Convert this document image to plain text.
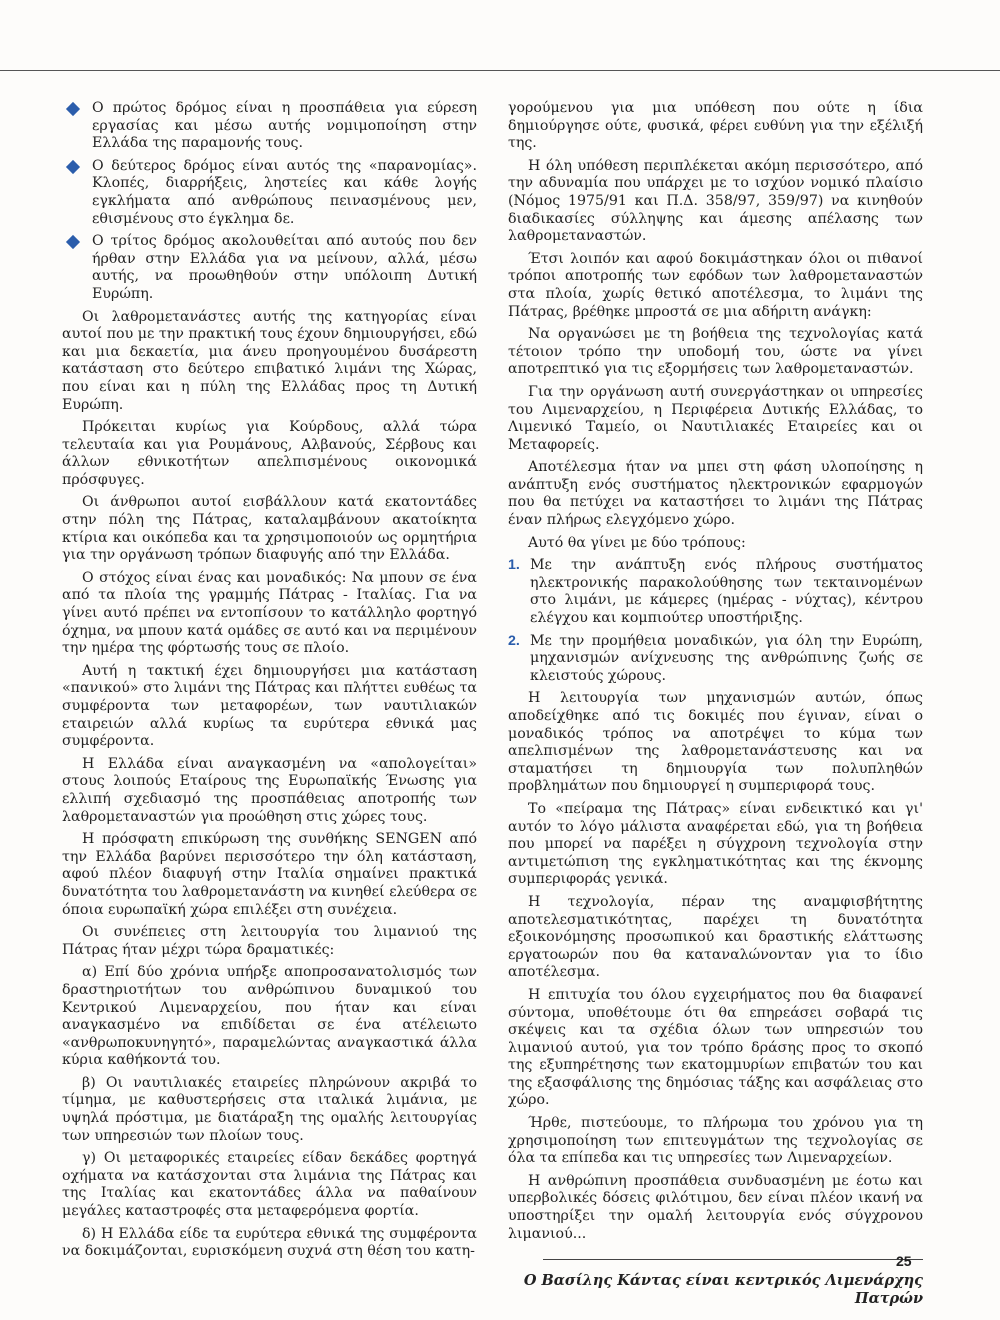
Ο πρώτος δρόμος είναι η προσπάθεια για εύρεση εργασίας και μέσω αυτής νομιμοποίηση στην Ελλάδα της παραμονής τους.
Ο δεύτερος δρόμος είναι αυτός της «παρανομίας». Κλοπές, διαρρήξεις, ληστείες και κάθε λογής εγκλήματα από ανθρώπους πεινασμένους μεν, εθισμένους στο έγκλημα δε.
Ο τρίτος δρόμος ακολουθείται από αυτούς που δεν ήρθαν στην Ελλάδα για να μείνουν, αλλά, μέσω αυτής, να προωθηθούν στην υπόλοιπη Δυτική Ευρώπη.

Οι λαθρομετανάστες αυτής της κατηγορίας είναι αυτοί που με την πρακτική τους έχουν δημιουργήσει, εδώ και μια δεκαετία, μια άνευ προηγουμένου δυσάρεστη κατάσταση στο δεύτερο επιβατικό λιμάνι της Χώρας, που είναι και η πύλη της Ελλάδας προς τη Δυτική Ευρώπη.

Πρόκειται κυρίως για Κούρδους, αλλά τώρα τελευταία και για Ρουμάνους, Αλβανούς, Σέρβους και άλλων εθνικοτήτων απελπισμένους οικονομικά πρόσφυγες.

Οι άνθρωποι αυτοί εισβάλλουν κατά εκατοντάδες στην πόλη της Πάτρας, καταλαμβάνουν ακατοίκητα κτίρια και οικόπεδα και τα χρησιμοποιούν ως ορμητήρια για την οργάνωση τρόπων διαφυγής από την Ελλάδα.

Ο στόχος είναι ένας και μοναδικός: Να μπουν σε ένα από τα πλοία της γραμμής Πάτρας - Ιταλίας. Για να γίνει αυτό πρέπει να εντοπίσουν το κατάλληλο φορτηγό όχημα, να μπουν κατά ομάδες σε αυτό και να περιμένουν την ημέρα της φόρτωσής τους σε πλοίο.

Αυτή η τακτική έχει δημιουργήσει μια κατάσταση «πανικού» στο λιμάνι της Πάτρας και πλήττει ευθέως τα συμφέροντα των μεταφορέων, των ναυτιλιακών εταιρειών αλλά κυρίως τα ευρύτερα εθνικά μας συμφέροντα.

Η Ελλάδα είναι αναγκασμένη να «απολογείται» στους λοιπούς Εταίρους της Ευρωπαϊκής Ένωσης για ελλιπή σχεδιασμό της προσπάθειας αποτροπής των λαθρομεταναστών για προώθηση στις χώρες τους.

Η πρόσφατη επικύρωση της συνθήκης SENGEN από την Ελλάδα βαρύνει περισσότερο την όλη κατάσταση, αφού πλέον διαφυγή στην Ιταλία σημαίνει πρακτικά δυνατότητα του λαθρομετανάστη να κινηθεί ελεύθερα σε όποια ευρωπαϊκή χώρα επιλέξει στη συνέχεια.

Οι συνέπειες στη λειτουργία του λιμανιού της Πάτρας ήταν μέχρι τώρα δραματικές:

α) Επί δύο χρόνια υπήρξε αποπροσανατολισμός των δραστηριοτήτων του ανθρώπινου δυναμικού του Κεντρικού Λιμεναρχείου, που ήταν και είναι αναγκασμένο να επιδίδεται σε ένα ατέλειωτο «ανθρωποκυνηγητό», παραμελώντας αναγκαστικά άλλα κύρια καθήκοντά του.

β) Οι ναυτιλιακές εταιρείες πληρώνουν ακριβά το τίμημα, με καθυστερήσεις στα ιταλικά λιμάνια, με υψηλά πρόστιμα, με διατάραξη της ομαλής λειτουργίας των υπηρεσιών των πλοίων τους.

γ) Οι μεταφορικές εταιρείες είδαν δεκάδες φορτηγά οχήματα να κατάσχονται στα λιμάνια της Πάτρας και της Ιταλίας και εκατοντάδες άλλα να παθαίνουν μεγάλες καταστροφές στα μεταφερόμενα φορτία.

δ) Η Ελλάδα είδε τα ευρύτερα εθνικά της συμφέροντα να δοκιμάζονται, ευρισκόμενη συχνά στη θέση του κατη-

γορούμενου για μια υπόθεση που ούτε η ίδια δημιούργησε ούτε, φυσικά, φέρει ευθύνη για την εξέλιξή της.

Η όλη υπόθεση περιπλέκεται ακόμη περισσότερο, από την αδυναμία που υπάρχει με το ισχύον νομικό πλαίσιο (Νόμος 1975/91 και Π.Δ. 358/97, 359/97) να κινηθούν διαδικασίες σύλληψης και άμεσης απέλασης των λαθρομεταναστών.

Έτσι λοιπόν και αφού δοκιμάστηκαν όλοι οι πιθανοί τρόποι αποτροπής των εφόδων των λαθρομεταναστών στα πλοία, χωρίς θετικό αποτέλεσμα, το λιμάνι της Πάτρας, βρέθηκε μπροστά σε μια αδήριτη ανάγκη:

Να οργανώσει με τη βοήθεια της τεχνολογίας κατά τέτοιον τρόπο την υποδομή του, ώστε να γίνει αποτρεπτικό για τις εξορμήσεις των λαθρομεταναστών.

Για την οργάνωση αυτή συνεργάστηκαν οι υπηρεσίες του Λιμεναρχείου, η Περιφέρεια Δυτικής Ελλάδας, το Λιμενικό Ταμείο, οι Ναυτιλιακές Εταιρείες και οι Μεταφορείς.

Αποτέλεσμα ήταν να μπει στη φάση υλοποίησης η ανάπτυξη ενός συστήματος ηλεκτρονικών εφαρμογών που θα πετύχει να καταστήσει το λιμάνι της Πάτρας έναν πλήρως ελεγχόμενο χώρο.

Αυτό θα γίνει με δύο τρόπους:

1. Με την ανάπτυξη ενός πλήρους συστήματος ηλεκτρονικής παρακολούθησης των τεκταινομένων στο λιμάνι, με κάμερες (ημέρας - νύχτας), κέντρου ελέγχου και κομπιούτερ υποστήριξης.
2. Με την προμήθεια μοναδικών, για όλη την Ευρώπη, μηχανισμών ανίχνευσης της ανθρώπινης ζωής σε κλειστούς χώρους.

Η λειτουργία των μηχανισμών αυτών, όπως αποδείχθηκε από τις δοκιμές που έγιναν, είναι ο μοναδικός τρόπος να αποτρέψει το κύμα των απελπισμένων της λαθρομετανάστευσης και να σταματήσει τη δημιουργία των πολυπληθών προβλημάτων που δημιουργεί η συμπεριφορά τους.

Το «πείραμα της Πάτρας» είναι ενδεικτικό και γι' αυτόν το λόγο μάλιστα αναφέρεται εδώ, για τη βοήθεια που μπορεί να παρέξει η σύγχρονη τεχνολογία στην αντιμετώπιση της εγκληματικότητας και της έκνομης συμπεριφοράς γενικά.

Η τεχνολογία, πέραν της αναμφισβήτητης αποτελεσματικότητας, παρέχει τη δυνατότητα εξοικονόμησης προσωπικού και δραστικής ελάττωσης εργατοωρών που θα καταναλώνονταν για το ίδιο αποτέλεσμα.

Η επιτυχία του όλου εγχειρήματος που θα διαφανεί σύντομα, υποθέτουμε ότι θα επηρεάσει σοβαρά τις σκέψεις και τα σχέδια όλων των υπηρεσιών του λιμανιού αυτού, για τον τρόπο δράσης προς το σκοπό της εξυπηρέτησης των εκατομμυρίων επιβατών του και της εξασφάλισης της δημόσιας τάξης και ασφάλειας στο χώρο.

Ήρθε, πιστεύουμε, το πλήρωμα του χρόνου για τη χρησιμοποίηση των επιτευγμάτων της τεχνολογίας σε όλα τα επίπεδα και τις υπηρεσίες των Λιμεναρχείων.

Η ανθρώπινη προσπάθεια συνδυασμένη με έοτω και υπερβολικές δόσεις φιλότιμου, δεν είναι πλέον ικανή να υποστηρίξει την ομαλή λειτουργία ενός σύγχρονου λιμανιού...

Ο Βασίλης Κάντας είναι κεντρικός Λιμενάρχης Πατρών
25
